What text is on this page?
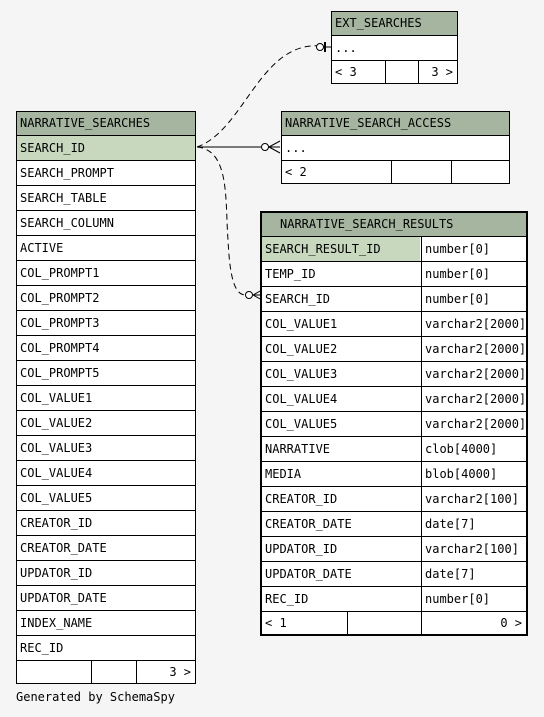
EXT_SEARCHES
...
< 3	3 >
NARRATIVE_SEARCH_ACCESS
...
< 2
NARRATIVE_SEARCHES
SEARCH_ID
SEARCH_PROMPT
SEARCH_TABLE
SEARCH_COLUMN
ACTIVE
COL_PROMPT1
COL_PROMPT2
COL_PROMPT3
COL_PROMPT4
COL_PROMPT5
COL_VALUE1
COL_VALUE2
COL_VALUE3
COL_VALUE4
COL_VALUE5
CREATOR_ID
CREATOR_DATE
UPDATOR_ID
UPDATOR_DATE
INDEX_NAME
REC_ID
3 >
NARRATIVE_SEARCH_RESULTS
SEARCH_RESULT_ID	number[0]
TEMP_ID	number[0]
SEARCH_ID	number[0]
COL_VALUE1	varchar2[2000]
COL_VALUE2	varchar2[2000]
COL_VALUE3	varchar2[2000]
COL_VALUE4	varchar2[2000]
COL_VALUE5	varchar2[2000]
NARRATIVE	clob[4000]
MEDIA	blob[4000]
CREATOR_ID	varchar2[100]
CREATOR_DATE	date[7]
UPDATOR_ID	varchar2[100]
UPDATOR_DATE	date[7]
REC_ID	number[0]
< 1	0 >
Generated by SchemaSpy
